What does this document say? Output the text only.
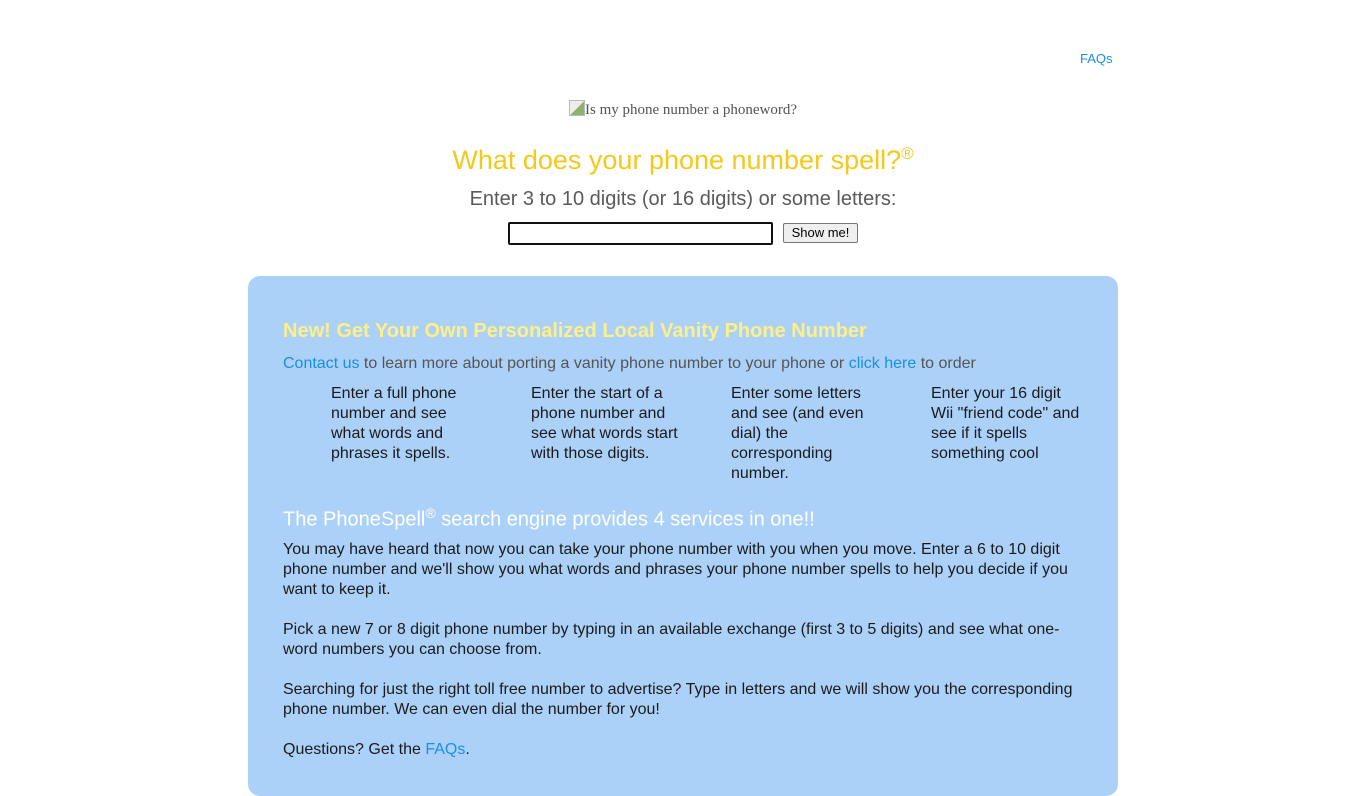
FAQs
Is my phone number a phoneword?
What does your phone number spell?®
Enter 3 to 10 digits (or 16 digits) or some letters:
Show me!
New! Get Your Own Personalized Local Vanity Phone Number
Contact us to learn more about porting a vanity phone number to your phone or click here to order
Enter a full phone number and see what words and phrases it spells.
Enter the start of a phone number and see what words start with those digits.
Enter some letters and see (and even dial) the corresponding number.
Enter your 16 digit Wii "friend code" and see if it spells something cool
The PhoneSpell® search engine provides 4 services in one!!
You may have heard that now you can take your phone number with you when you move. Enter a 6 to 10 digit phone number and we'll show you what words and phrases your phone number spells to help you decide if you want to keep it.
Pick a new 7 or 8 digit phone number by typing in an available exchange (first 3 to 5 digits) and see what one-word numbers you can choose from.
Searching for just the right toll free number to advertise? Type in letters and we will show you the corresponding phone number. We can even dial the number for you!
Questions? Get the FAQs.
